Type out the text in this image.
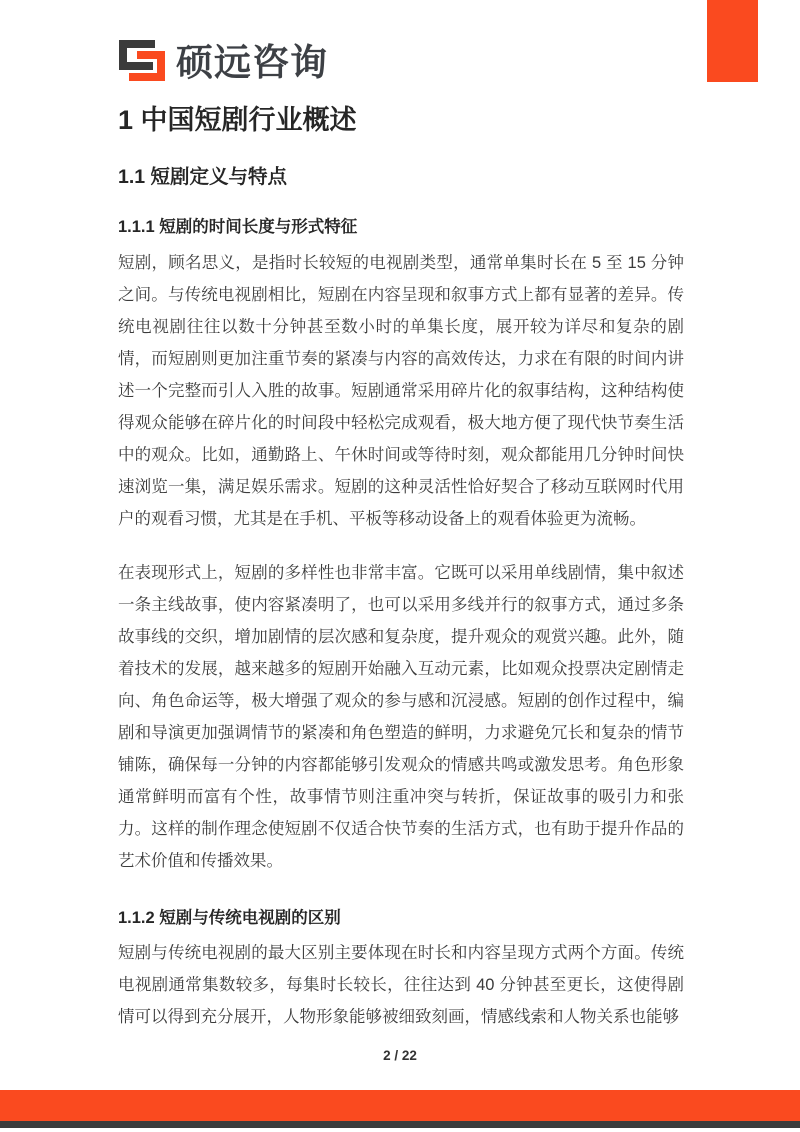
硕远咨询
1 中国短剧行业概述
1.1 短剧定义与特点
1.1.1 短剧的时间长度与形式特征

短剧，顾名思义，是指时长较短的电视剧类型，通常单集时长在 5 至 15 分钟之间。与传统电视剧相比，短剧在内容呈现和叙事方式上都有显著的差异。传统电视剧往往以数十分钟甚至数小时的单集长度，展开较为详尽和复杂的剧情，而短剧则更加注重节奏的紧凑与内容的高效传达，力求在有限的时间内讲述一个完整而引人入胜的故事。短剧通常采用碎片化的叙事结构，这种结构使得观众能够在碎片化的时间段中轻松完成观看，极大地方便了现代快节奏生活中的观众。比如，通勤路上、午休时间或等待时刻，观众都能用几分钟时间快速浏览一集，满足娱乐需求。短剧的这种灵活性恰好契合了移动互联网时代用户的观看习惯，尤其是在手机、平板等移动设备上的观看体验更为流畅。

在表现形式上，短剧的多样性也非常丰富。它既可以采用单线剧情，集中叙述一条主线故事，使内容紧凑明了，也可以采用多线并行的叙事方式，通过多条故事线的交织，增加剧情的层次感和复杂度，提升观众的观赏兴趣。此外，随着技术的发展，越来越多的短剧开始融入互动元素，比如观众投票决定剧情走向、角色命运等，极大增强了观众的参与感和沉浸感。短剧的创作过程中，编剧和导演更加强调情节的紧凑和角色塑造的鲜明，力求避免冗长和复杂的情节铺陈，确保每一分钟的内容都能够引发观众的情感共鸣或激发思考。角色形象通常鲜明而富有个性，故事情节则注重冲突与转折，保证故事的吸引力和张力。这样的制作理念使短剧不仅适合快节奏的生活方式，也有助于提升作品的艺术价值和传播效果。

1.1.2 短剧与传统电视剧的区别

短剧与传统电视剧的最大区别主要体现在时长和内容呈现方式两个方面。传统电视剧通常集数较多，每集时长较长，往往达到 40 分钟甚至更长，这使得剧情可以得到充分展开，人物形象能够被细致刻画，情感线索和人物关系也能够

2 / 22
